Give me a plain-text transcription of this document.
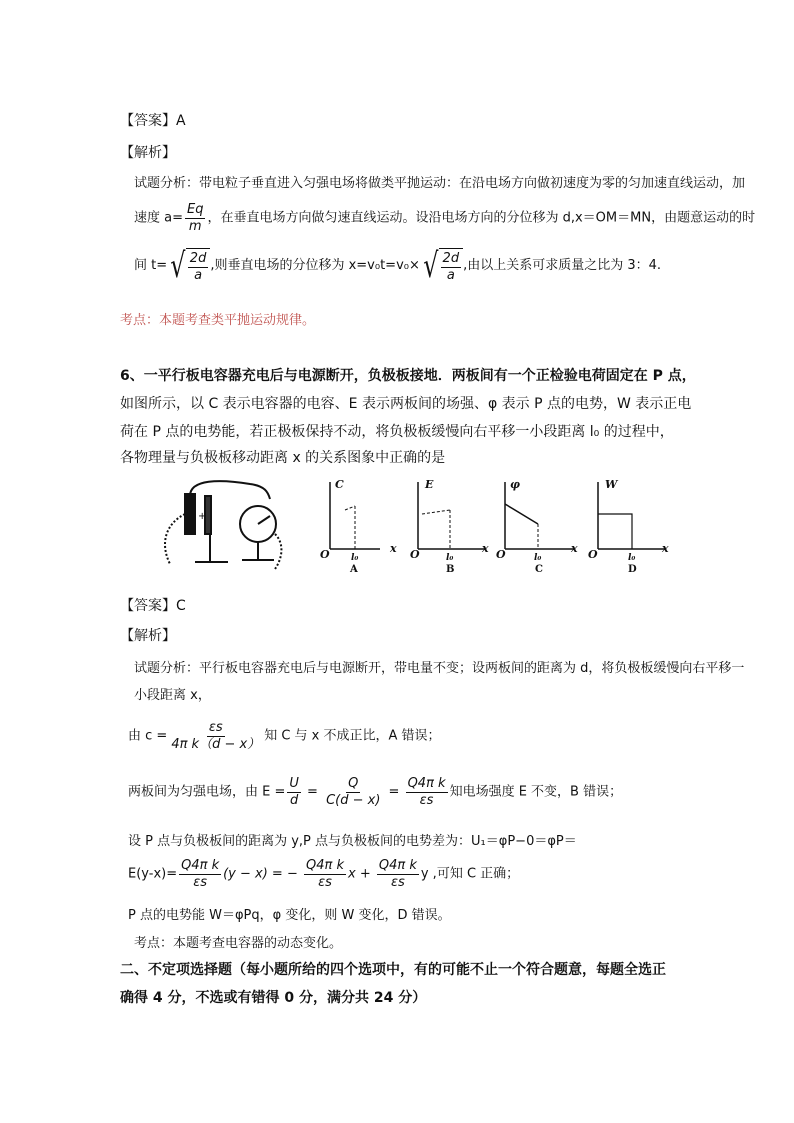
【答案】A
【解析】
试题分析：带电粒子垂直进入匀强电场将做类平抛运动：在沿电场方向做初速度为零的匀加速直线运动，加
速度 $a= \frac{Eq}{m}$ ，在垂直电场方向做匀速直线运动。设沿电场方向的分位移为 d,x＝OM＝MN，由题意运动的时
间 t= √ $\frac{2d}{a}$ ,则垂直电场的分位移为 x=v₀t=v₀× √ $\frac{2d}{a}$ ,由以上关系可求质量之比为 3：4.
考点：本题考查类平抛运动规律。
6、一平行板电容器充电后与电源断开，负极板接地．两板间有一个正检验电荷固定在 P 点，
如图所示，以 C 表示电容器的电容、E 表示两板间的场强、φ 表示 P 点的电势，W 表示正电
荷在 P 点的电势能，若正极板保持不动，将负极板缓慢向右平移一小段距离 l₀ 的过程中，
各物理量与负极板移动距离 x 的关系图象中正确的是
+
C
O l₀
x
A
E
O	l₀
x
B
φ
O	l₀
x
C
W
O	l₀
x
D
【答案】C
【解析】
试题分析：平行板电容器充电后与电源断开，带电量不变；设两板间的距离为 d，将负极板缓慢向右平移一
小段距离 x，
由 $c = \frac{\varepsilon s}{\text{4π k（d − x）}}$ 知 C 与 x 不成正比，A 错误；
两板间为匀强电场，由 $E = \frac{U}{d} = \frac{Q}{C(d - x)} = \frac{\text{Q4π k}}{\varepsilon s}$ 知电场强度 E 不变，B 错误；
设 P 点与负极板间的距离为 y,P 点与负极板间的电势差为：U₁＝φP−0＝φP＝
$E(y-x)= \frac{\text{Q4π k}}{\varepsilon s} (y - x)$ = − $\frac{\text{Q4π k}}{\varepsilon s}$ $x + \frac{\text{Q4π k}}{\varepsilon s}$ y ,可知 C 正确；
P 点的电势能 W＝φPq，φ 变化，则 W 变化，D 错误。
考点：本题考查电容器的动态变化。
二、不定项选择题（每小题所给的四个选项中，有的可能不止一个符合题意，每题全选正
确得 4 分，不选或有错得 0 分，满分共 24 分）
